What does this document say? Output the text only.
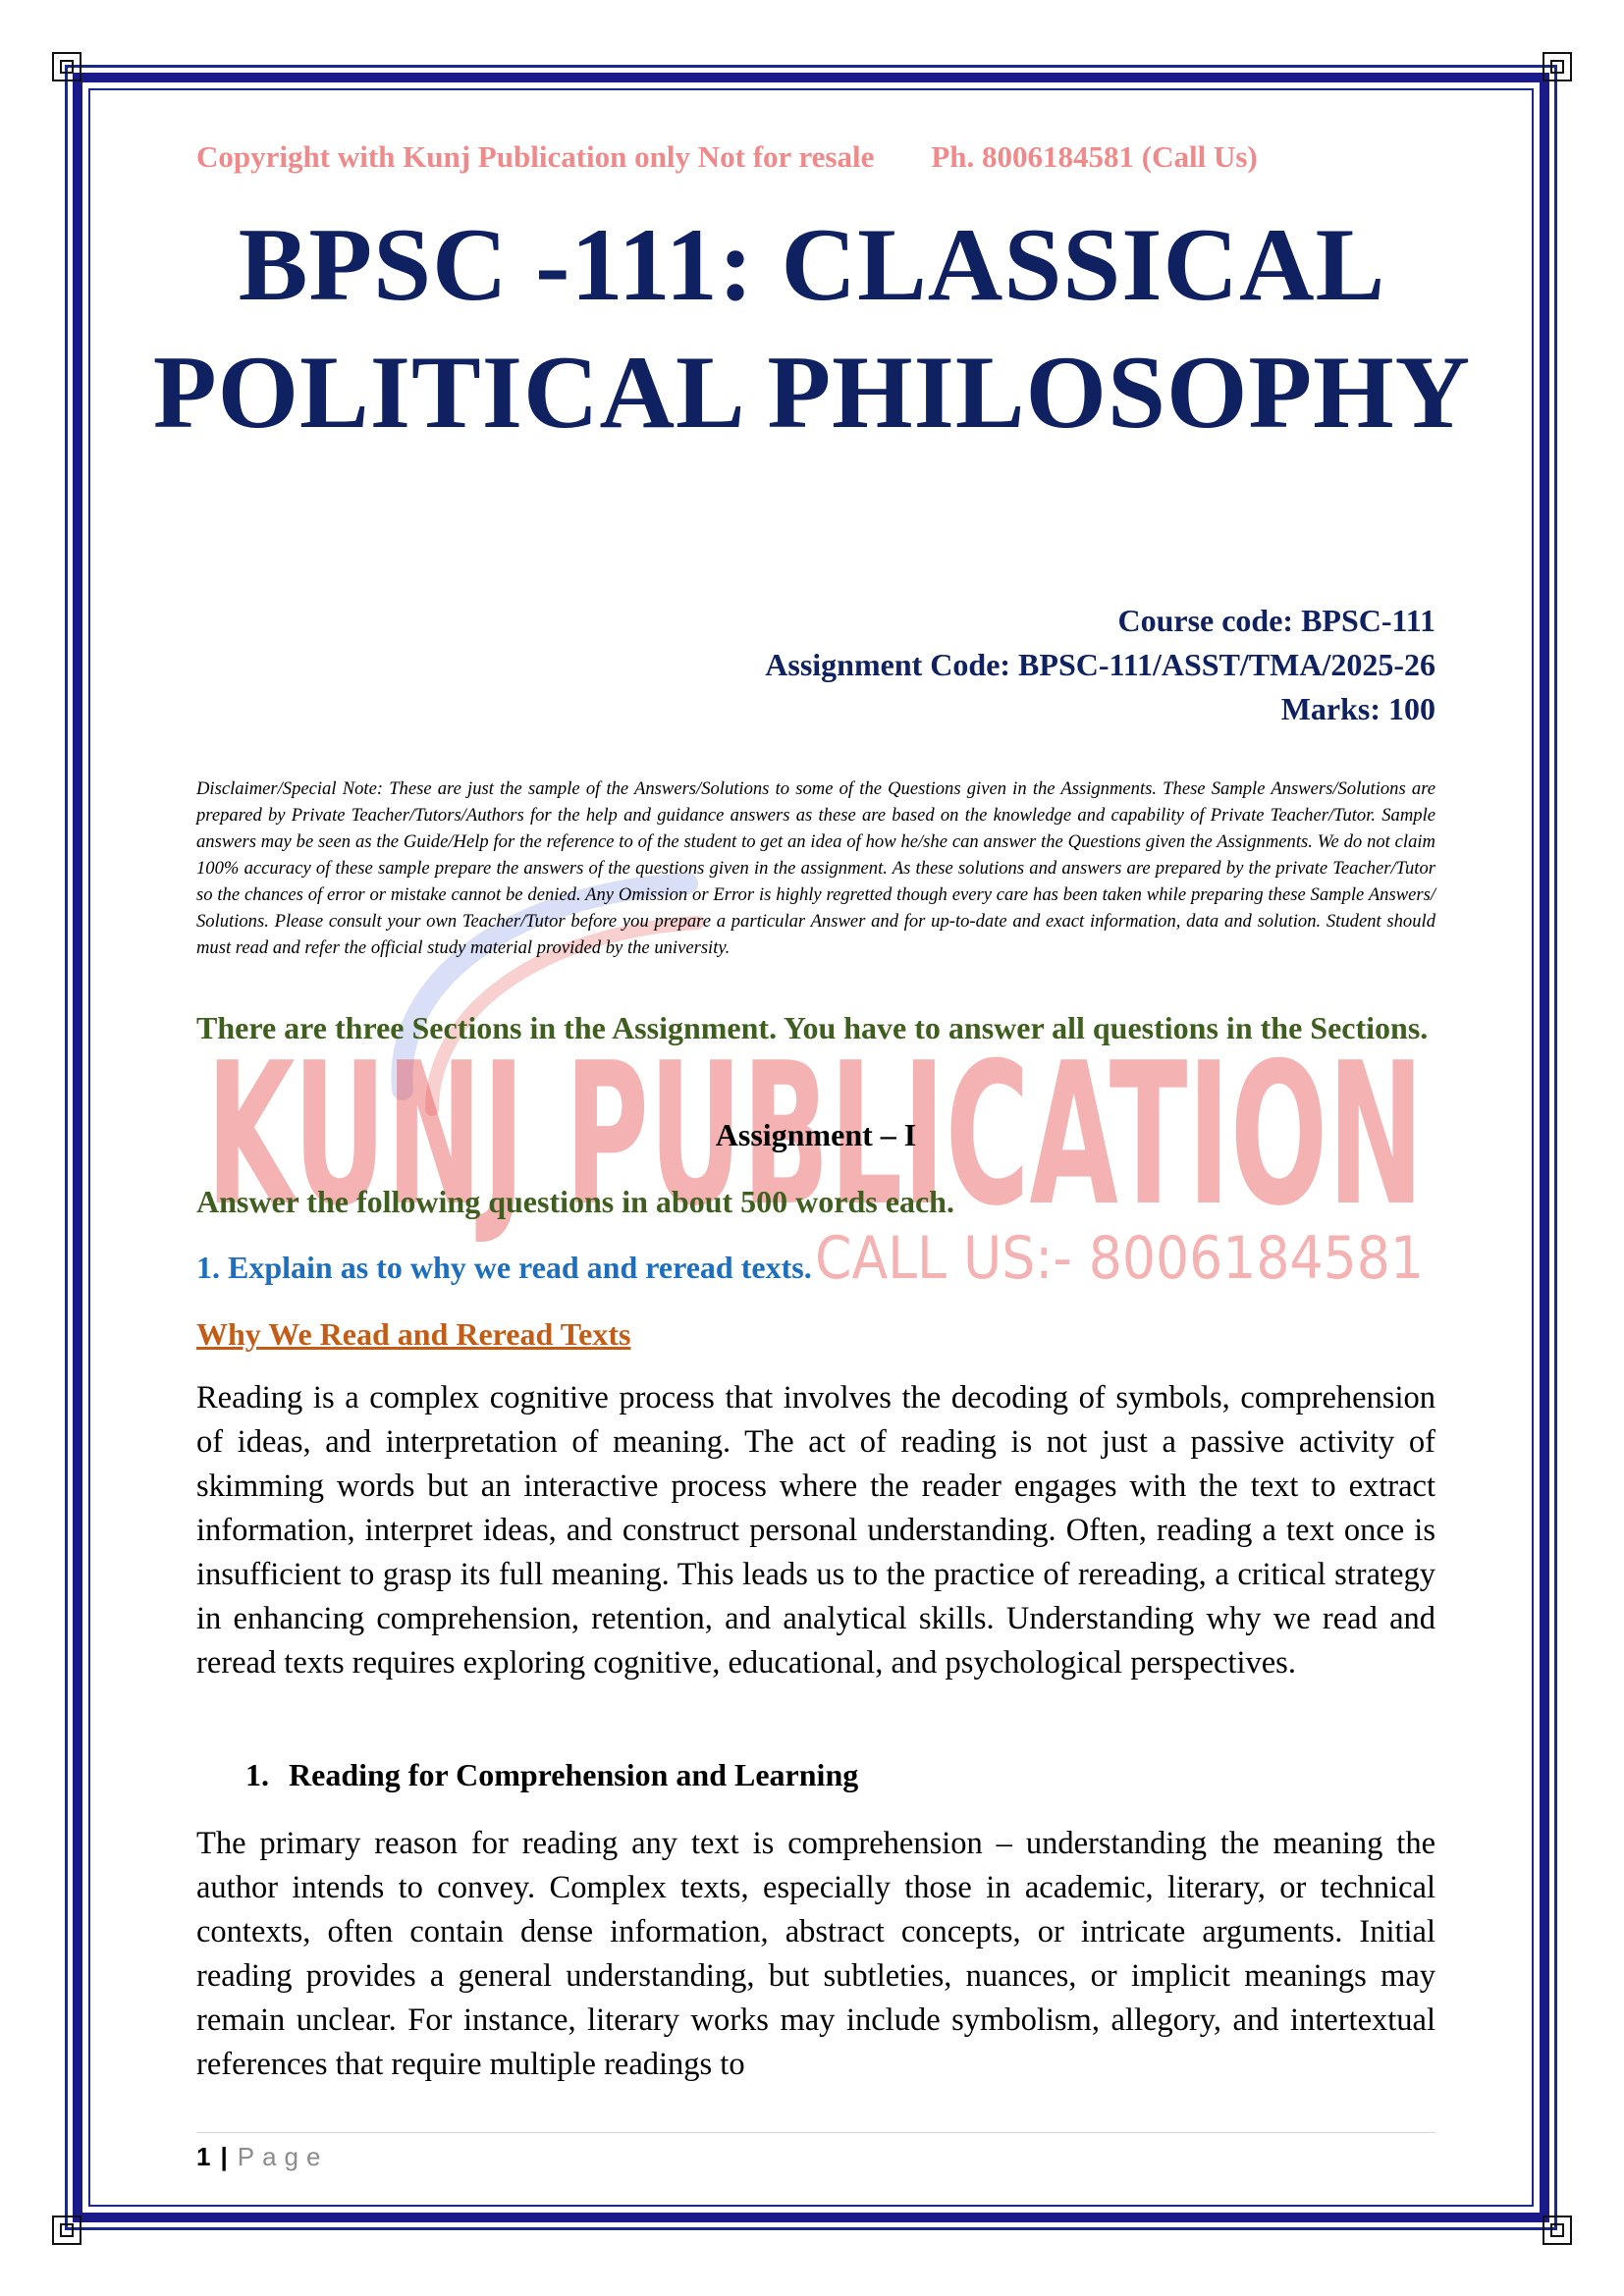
KUNJ PUBLICATION
CALL US:- 8006184581
Copyright with Kunj Publication only Not for resale Ph. 8006184581 (Call Us)
BPSC -111: CLASSICAL
POLITICAL PHILOSOPHY
Course code: BPSC-111
Assignment Code: BPSC-111/ASST/TMA/2025-26
Marks: 100
Disclaimer/Special Note: These are just the sample of the Answers/Solutions to some of the Questions given in the Assignments. These Sample Answers/Solutions are prepared by Private Teacher/Tutors/Authors for the help and guidance answers as these are based on the knowledge and capability of Private Teacher/Tutor. Sample answers may be seen as the Guide/Help for the reference to of the student to get an idea of how he/she can answer the Questions given the Assignments. We do not claim 100% accuracy of these sample prepare the answers of the questions given in the assignment. As these solutions and answers are prepared by the private Teacher/Tutor so the chances of error or mistake cannot be denied. Any Omission or Error is highly regretted though every care has been taken while preparing these Sample Answers/ Solutions. Please consult your own Teacher/Tutor before you prepare a particular Answer and for up-to-date and exact information, data and solution. Student should must read and refer the official study material provided by the university.
There are three Sections in the Assignment. You have to answer all questions in the Sections.
Assignment – I
Answer the following questions in about 500 words each.
1. Explain as to why we read and reread texts.
Why We Read and Reread Texts
Reading is a complex cognitive process that involves the decoding of symbols, comprehension of ideas, and interpretation of meaning. The act of reading is not just a passive activity of skimming words but an interactive process where the reader engages with the text to extract information, interpret ideas, and construct personal understanding. Often, reading a text once is insufficient to grasp its full meaning. This leads us to the practice of rereading, a critical strategy in enhancing comprehension, retention, and analytical skills. Understanding why we read and reread texts requires exploring cognitive, educational, and psychological perspectives.
1. Reading for Comprehension and Learning
The primary reason for reading any text is comprehension – understanding the meaning the author intends to convey. Complex texts, especially those in academic, literary, or technical contexts, often contain dense information, abstract concepts, or intricate arguments. Initial reading provides a general understanding, but subtleties, nuances, or implicit meanings may remain unclear. For instance, literary works may include symbolism, allegory, and intertextual references that require multiple readings to
1 | Page
